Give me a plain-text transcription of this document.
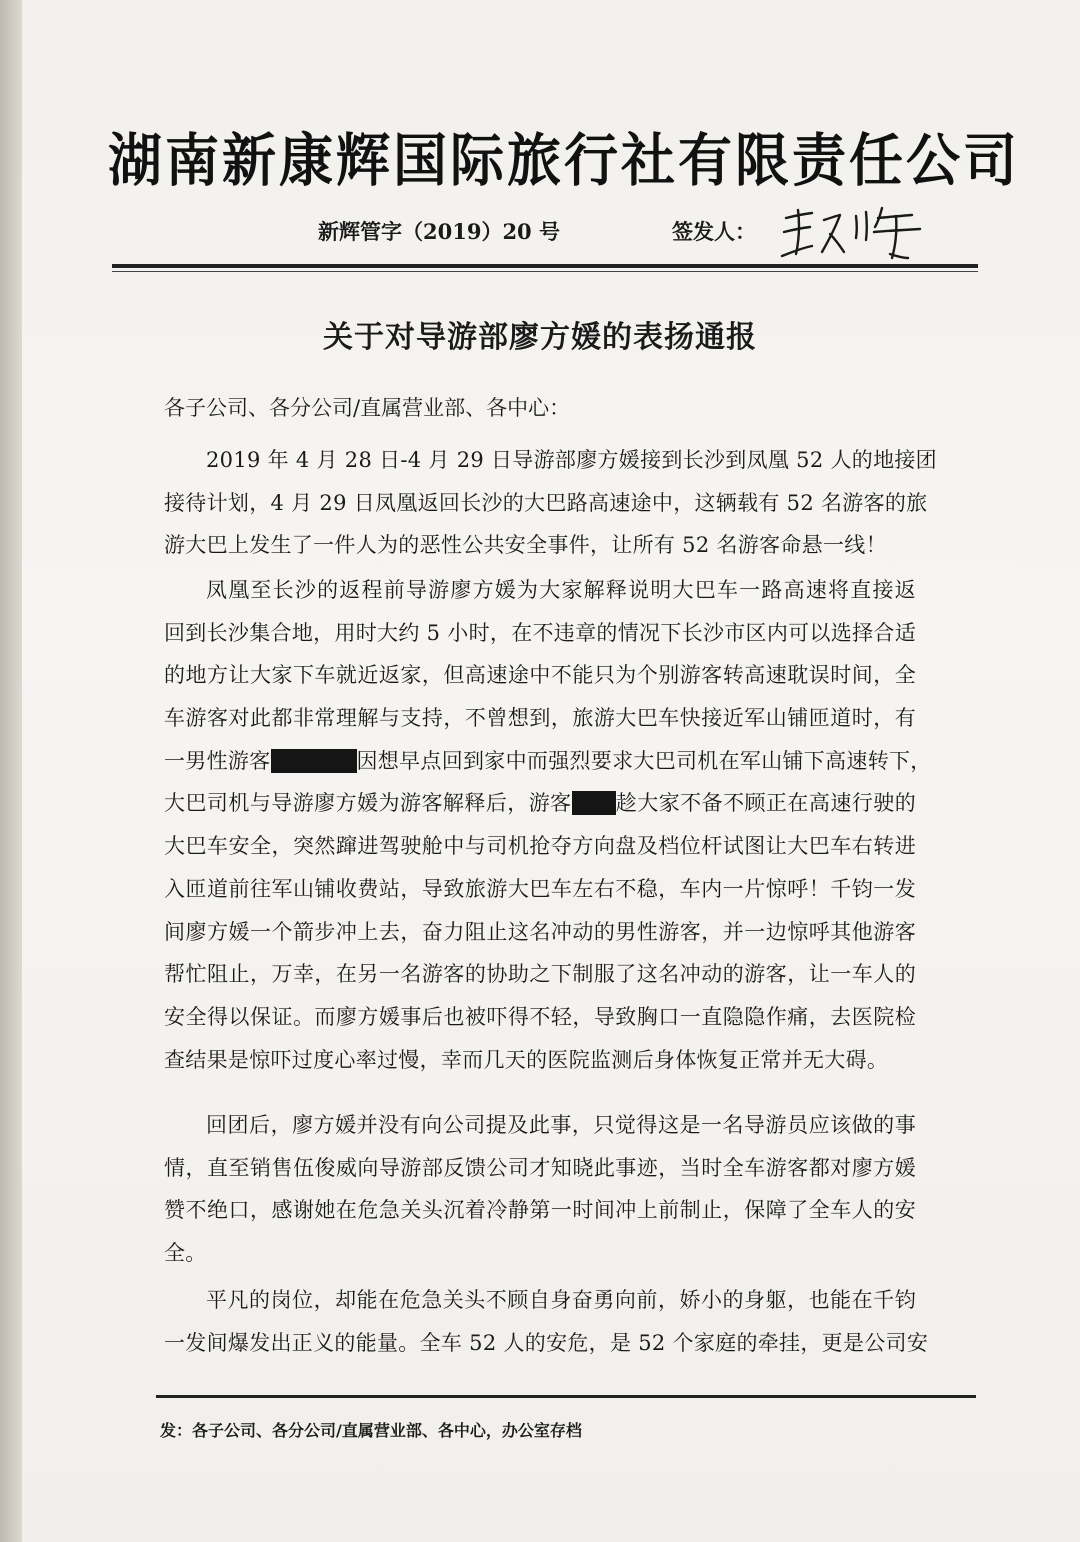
湖南新康辉国际旅行社有限责任公司
新辉管字（2019）20 号	签发人：
关于对导游部廖方媛的表扬通报
各子公司、各分公司/直属营业部、各中心：
2019 年 4 月 28 日-4 月 29 日导游部廖方媛接到长沙到凤凰 52 人的地接团
接待计划，4 月 29 日凤凰返回长沙的大巴路高速途中，这辆载有 52 名游客的旅
游大巴上发生了一件人为的恶性公共安全事件，让所有 52 名游客命悬一线！
凤凰至长沙的返程前导游廖方媛为大家解释说明大巴车一路高速将直接返
回到长沙集合地，用时大约 5 小时，在不违章的情况下长沙市区内可以选择合适
的地方让大家下车就近返家，但高速途中不能只为个别游客转高速耽误时间，全
车游客对此都非常理解与支持，不曾想到，旅游大巴车快接近军山铺匝道时，有
一男性游客	因想早点回到家中而强烈要求大巴司机在军山铺下高速转下，
大巴司机与导游廖方媛为游客解释后，游客 趁大家不备不顾正在高速行驶的
大巴车安全，突然蹿进驾驶舱中与司机抢夺方向盘及档位杆试图让大巴车右转进
入匝道前往军山铺收费站，导致旅游大巴车左右不稳，车内一片惊呼！千钧一发
间廖方媛一个箭步冲上去，奋力阻止这名冲动的男性游客，并一边惊呼其他游客
帮忙阻止，万幸，在另一名游客的协助之下制服了这名冲动的游客，让一车人的
安全得以保证。而廖方媛事后也被吓得不轻，导致胸口一直隐隐作痛，去医院检
查结果是惊吓过度心率过慢，幸而几天的医院监测后身体恢复正常并无大碍。
回团后，廖方媛并没有向公司提及此事，只觉得这是一名导游员应该做的事
情，直至销售伍俊威向导游部反馈公司才知晓此事迹，当时全车游客都对廖方媛
赞不绝口，感谢她在危急关头沉着冷静第一时间冲上前制止，保障了全车人的安
全。
平凡的岗位，却能在危急关头不顾自身奋勇向前，娇小的身躯，也能在千钧
一发间爆发出正义的能量。全车 52 人的安危，是 52 个家庭的牵挂，更是公司安
发：各子公司、各分公司/直属营业部、各中心，办公室存档
